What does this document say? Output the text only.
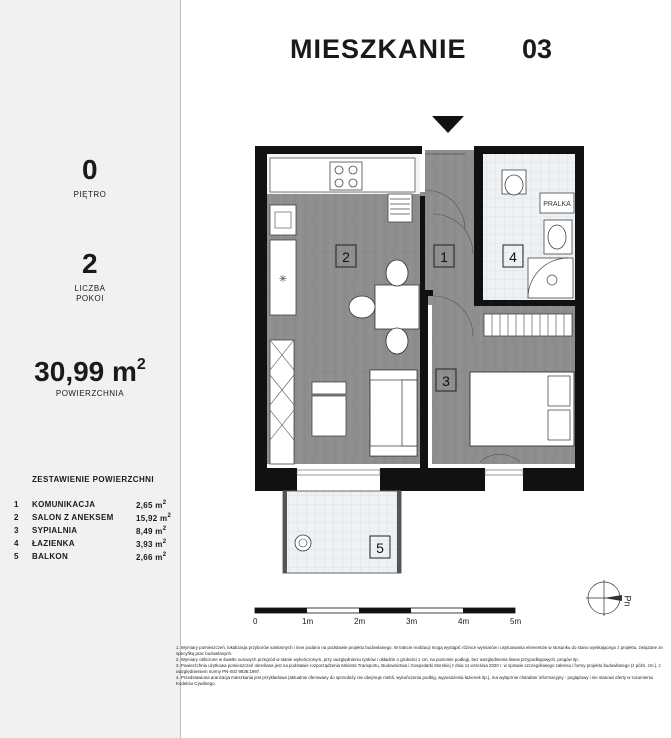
0
PIĘTRO
2
LICZBA
POKOI
30,99 $m^2$
POWIERZCHNIA
ZESTAWIENIE POWIERZCHNI
1 KOMUNIKACJA	2,65 $m^2$
2 SALON Z ANEKSEM	15,92 $m^2$
3 SYPIALNIA	8,49 $m^2$
4 ŁAZIENKA	3,93 $m^2$
5 BALKON	2,66 $m^2$
MIESZKANIE 03
✳
PRALKA
2	1	4
3
5
0	1m	2m	3m	4m	5m
Pn

1. Wymiary pomieszczeń, lokalizacja przyborów sanitarnych i inne podano na podstawie projektu budowlanego. W trakcie realizacji mogą wystąpić różnice wymiarów i usytuowania elementów w stosunku do stanu wynikającego z projektu, związane ze specyfiką prac budowlanych.

2. Wymiary obliczone w świetle surowych przegród w stanie wykończonym, przy uwzględnieniu tynków i okładzin o grubości 1 cm, na poziomie podłogi, bez uwzględnienia listew przypodłogowych, progów itp.

3. Powierzchnia użytkowa pomieszczeń określana jest na podstawie rozporządzenia Ministra Transportu, Budownictwa i Gospodarki Morskiej z dnia 11 września 2020 r. w sprawie szczegółowego zakresu i formy projektu budowlanego (z późn. zm.), z uwzględnieniem normy PN-ISO 9836:1997.

4. Przedstawiona aranżacja mieszkania jest przykładowa (aktualnie oferowany do sprzedaży nie obejmuje mebli, wykończenia podłóg, wyposażenia łazienek itp.), ma wyłącznie charakter informacyjny - poglądowy i nie stanowi oferty w rozumieniu Kodeksu Cywilnego.
